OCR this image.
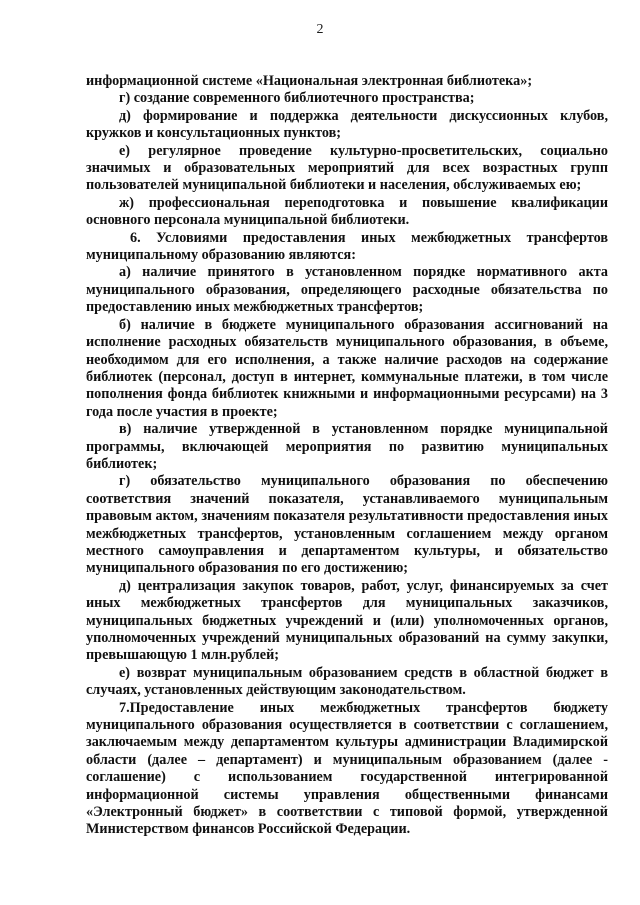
2

информационной системе «Национальная электронная библиотека»;

г) создание современного библиотечного пространства;

д) формирование и поддержка деятельности дискуссионных клубов, кружков и консультационных пунктов;

е) регулярное проведение культурно-просветительских, социально значимых и образовательных мероприятий для всех возрастных групп пользователей муниципальной библиотеки и населения, обслуживаемых ею;

ж) профессиональная переподготовка и повышение квалификации основного персонала муниципальной библиотеки.

6. Условиями предоставления иных межбюджетных трансфертов муниципальному образованию являются:

а) наличие принятого в установленном порядке нормативного акта муниципального образования, определяющего расходные обязательства по предоставлению иных межбюджетных трансфертов;

б) наличие в бюджете муниципального образования ассигнований на исполнение расходных обязательств муниципального образования, в объеме, необходимом для его исполнения, а также наличие расходов на содержание библиотек (персонал, доступ в интернет, коммунальные платежи, в том числе пополнения фонда библиотек книжными и информационными ресурсами) на 3 года после участия в проекте;

в) наличие утвержденной в установленном порядке муниципальной программы, включающей мероприятия по развитию муниципальных библиотек;

г) обязательство муниципального образования по обеспечению соответствия значений показателя, устанавливаемого муниципальным правовым актом, значениям показателя результативности предоставления иных межбюджетных трансфертов, установленным соглашением между органом местного самоуправления и департаментом культуры, и обязательство муниципального образования по его достижению;

д) централизация закупок товаров, работ, услуг, финансируемых за счет иных межбюджетных трансфертов для муниципальных заказчиков, муниципальных бюджетных учреждений и (или) уполномоченных органов, уполномоченных учреждений муниципальных образований на сумму закупки, превышающую 1 млн.рублей;

е) возврат муниципальным образованием средств в областной бюджет в случаях, установленных действующим законодательством.

7.Предоставление иных межбюджетных трансфертов бюджету муниципального образования осуществляется в соответствии с соглашением, заключаемым между департаментом культуры администрации Владимирской области (далее – департамент) и муниципальным образованием (далее - соглашение) с использованием государственной интегрированной информационной системы управления общественными финансами «Электронный бюджет» в соответствии с типовой формой, утвержденной Министерством финансов Российской Федерации.
